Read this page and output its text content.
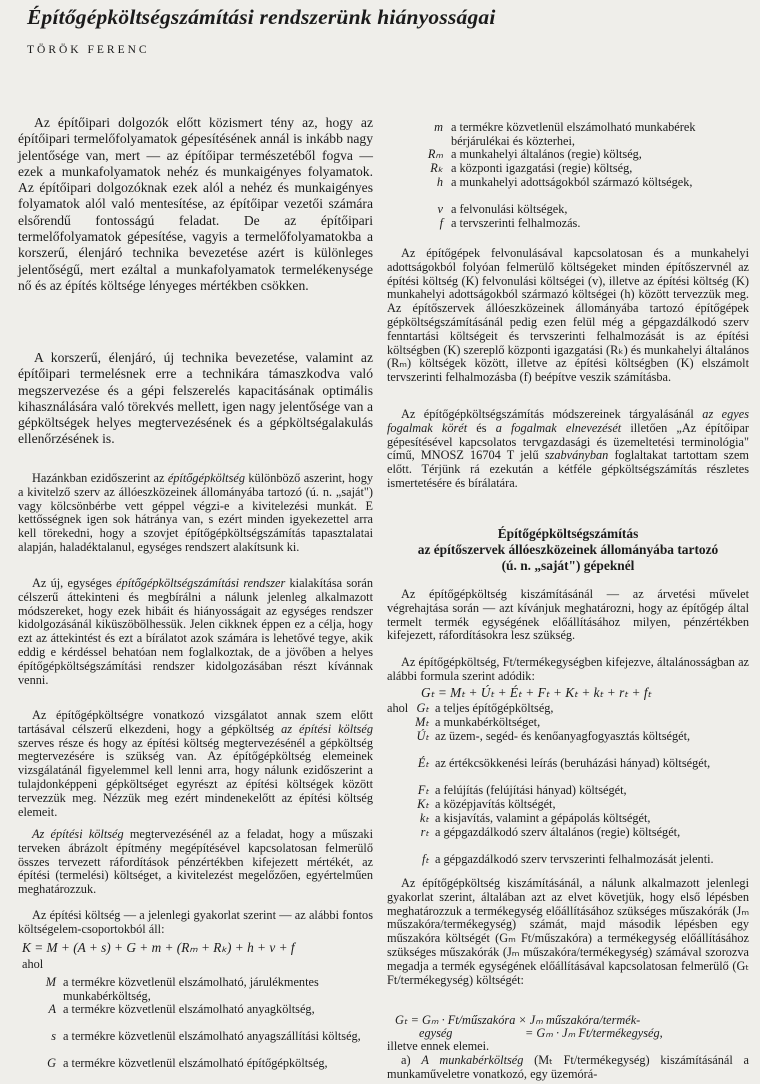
Építőgépköltségszámítási rendszerünk hiányosságai
TÖRÖK FERENC

Az építőipari dolgozók előtt közismert tény az, hogy az építőipari termelőfolyamatok gépesítésének annál is inkább nagy jelentősége van, mert — az építőipar természetéből fogva — ezek a munkafolyamatok nehéz és munkaigényes folyamatok. Az építőipari dolgozóknak ezek alól a nehéz és munkaigényes folyamatok alól való mentesítése, az építőipar vezetői számára elsőrendű fontosságú feladat. De az építőipari termelőfolyamatok gépesítése, vagyis a termelőfolyamatokba a korszerű, élenjáró technika bevezetése azért is különleges jelentőségű, mert ezáltal a munkafolyamatok termelékenysége nő és az építés költsége lényeges mértékben csökken.

A korszerű, élenjáró, új technika bevezetése, valamint az építőipari termelésnek erre a technikára támaszkodva való megszervezése és a gépi felszerelés kapacitásának optimális kihasználására való törekvés mellett, igen nagy jelentősége van a gépköltségek helyes megtervezésének és a gépköltségalakulás ellenőrzésének is.

Hazánkban ezidőszerint az építőgépköltség különböző aszerint, hogy a kivitelző szerv az állóeszközeinek állományába tartozó (ú. n. „saját") vagy kölcsönbérbe vett géppel végzi-e a kivitelezési munkát. E kettősségnek igen sok hátránya van, s ezért minden igyekezettel arra kell törekedni, hogy a szovjet építőgépköltségszámítás tapasztalatai alapján, haladéktalanul, egységes rendszert alakítsunk ki.

Az új, egységes építőgépköltségszámítási rendszer kialakítása során célszerű áttekinteni és megbírálni a nálunk jelenleg alkalmazott módszereket, hogy ezek hibáit és hiányosságait az egységes rendszer kidolgozásánál kiküszöbölhessük. Jelen cikknek éppen ez a célja, hogy ezt az áttekintést és ezt a bírálatot azok számára is lehetővé tegye, akik eddig e kérdéssel behatóan nem foglalkoztak, de a jövőben a helyes építőgépköltségszámítási rendszer kidolgozásában részt kívánnak venni.

Az építőgépköltségre vonatkozó vizsgálatot annak szem előtt tartásával célszerű elkezdeni, hogy a gépköltség az építési költség szerves része és hogy az építési költség megtervezésénél a gépköltség megtervezésére is szükség van. Az építőgépköltség elemeinek vizsgálatánál figyelemmel kell lenni arra, hogy nálunk ezidőszerint a tulajdonképpeni gépköltséget egyrészt az építési költségek között tervezzük meg. Nézzük meg ezért mindenekelőtt az építési költség elemeit.

Az építési költség megtervezésénél az a feladat, hogy a műszaki terveken ábrázolt építmény megépítésével kapcsolatosan felmerülő összes tervezett ráfordítások pénzértékben kifejezett mértékét, az építési (termelési) költséget, a kivitelezést megelőzően, egyértelműen meghatározzuk.

Az építési költség — a jelenlegi gyakorlat szerint — az alábbi fontos költségelem-csoportokból áll:

K = M + (A + s) + G + m + (Rₘ + Rₖ) + h + v + f
ahol
M a termékre közvetlenül elszámolható, járulékmentes munkabérköltség,
A a termékre közvetlenül elszámolható anyagköltség,
s a termékre közvetlenül elszámolható anyagszállítási költség,
G a termékre közvetlenül elszámolható építőgépköltség,
m a termékre közvetlenül elszámolható munkabérek bérjárulékai és közterhei,
Rₘ a munkahelyi általános (regie) költség,
Rₖ a központi igazgatási (regie) költség,
h a munkahelyi adottságokból származó költségek,
v a felvonulási költségek,
f a tervszerinti felhalmozás.

Az építőgépek felvonulásával kapcsolatosan és a munkahelyi adottságokból folyóan felmerülő költségeket minden építőszervnél az építési költség (K) felvonulási költségei (v), illetve az építési költség (K) munkahelyi adottságokból származó költségei (h) között tervezzük meg. Az építőszervek állóeszközeinek állományába tartozó építőgépek gépköltségszámításánál pedig ezen felül még a gépgazdálkodó szerv fenntartási költségeit és tervszerinti felhalmozását is az építési költségben (K) szereplő központi igazgatási (Rₖ) és munkahelyi általános (Rₘ) költségek között, illetve az építési költségben (K) elszámolt tervszerinti felhalmozásba (f) beépítve veszik számításba.

Az építőgépköltségszámítás módszereinek tárgyalásánál az egyes fogalmak körét és a fogalmak elnevezését illetően „Az építőipar gépesítésével kapcsolatos tervgazdasági és üzemeltetési terminológia" című, MNOSZ 16704 T jelű szabványban foglaltakat tartottam szem előtt. Térjünk rá ezekután a kétféle gépköltségszámítás részletes ismertetésére és bírálatára.

Építőgépköltségszámítás
az építőszervek állóeszközeinek állományába tartozó
(ú. n. „saját") gépeknél

Az építőgépköltség kiszámításánál — az árvetési művelet végrehajtása során — azt kívánjuk meghatározni, hogy az építőgép által termelt termék egységének előállításához milyen, pénzértékben kifejezett, ráfordításokra lesz szükség.

Az építőgépköltség, Ft/termékegységben kifejezve, általánosságban az alábbi formula szerint adódik:

Gₜ = Mₜ + Úₜ + Éₜ + Fₜ + Kₜ + kₜ + rₜ + fₜ
ahol Gₜ a teljes építőgépköltség,
Mₜ a munkabérköltséget,
Úₜ az üzem-, segéd- és kenőanyagfogyasztás költségét,
Éₜ az értékcsökkenési leírás (beruházási hányad) költségét,
Fₜ a felújítás (felújítási hányad) költségét,
Kₜ a középjavítás költségét,
kₜ a kisjavítás, valamint a gépápolás költségét,
rₜ a gépgazdálkodó szerv általános (regie) költségét,
fₜ a gépgazdálkodó szerv tervszerinti felhalmozását jelenti.

Az építőgépköltség kiszámításánál, a nálunk alkalmazott jelenlegi gyakorlat szerint, általában azt az elvet követjük, hogy első lépésben meghatározzuk a termékegység előállításához szükséges műszakórák (Jₘ műszakóra/termékegység) számát, majd második lépésben egy műszakóra költségét (Gₘ Ft/műszakóra) a termékegység előállításához szükséges műszakórák (Jₘ műszakóra/termékegység) számával szorozva megadja a termék egységének előállításával kapcsolatosan felmerülő (Gₜ Ft/termékegység) költségét:

Gₜ = Gₘ · Ft/műszakóra × Jₘ műszakóra/termék-
egység	= Gₘ · Jₘ Ft/termékegység,

illetve ennek elemei.

a) A munkabérköltség (Mₜ Ft/termékegység) kiszámításánál a munkaműveletre vonatkozó, egy üzemórá-
